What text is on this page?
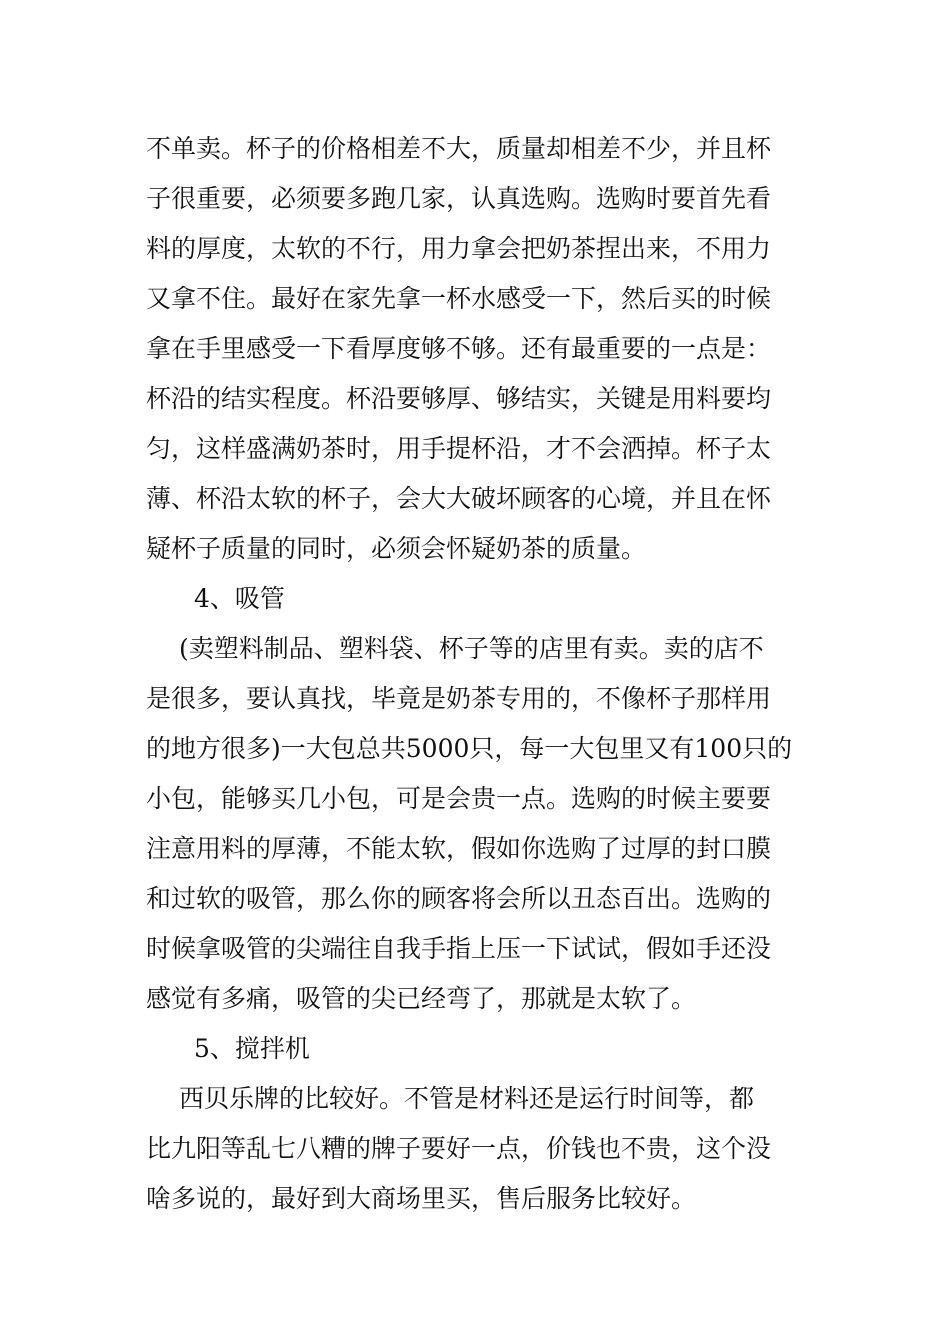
不单卖。杯子的价格相差不大，质量却相差不少，并且杯
子很重要，必须要多跑几家，认真选购。选购时要首先看
料的厚度，太软的不行，用力拿会把奶茶捏出来，不用力
又拿不住。最好在家先拿一杯水感受一下，然后买的时候
拿在手里感受一下看厚度够不够。还有最重要的一点是：
杯沿的结实程度。杯沿要够厚、够结实，关键是用料要均
匀，这样盛满奶茶时，用手提杯沿，才不会洒掉。杯子太
薄、杯沿太软的杯子，会大大破坏顾客的心境，并且在怀
疑杯子质量的同时，必须会怀疑奶茶的质量。
4、吸管
(卖塑料制品、塑料袋、杯子等的店里有卖。卖的店不
是很多，要认真找，毕竟是奶茶专用的，不像杯子那样用
的地方很多)一大包总共5000只，每一大包里又有100只的
小包，能够买几小包，可是会贵一点。选购的时候主要要
注意用料的厚薄，不能太软，假如你选购了过厚的封口膜
和过软的吸管，那么你的顾客将会所以丑态百出。选购的
时候拿吸管的尖端往自我手指上压一下试试，假如手还没
感觉有多痛，吸管的尖已经弯了，那就是太软了。
5、搅拌机
西贝乐牌的比较好。不管是材料还是运行时间等，都
比九阳等乱七八糟的牌子要好一点，价钱也不贵，这个没
啥多说的，最好到大商场里买，售后服务比较好。
